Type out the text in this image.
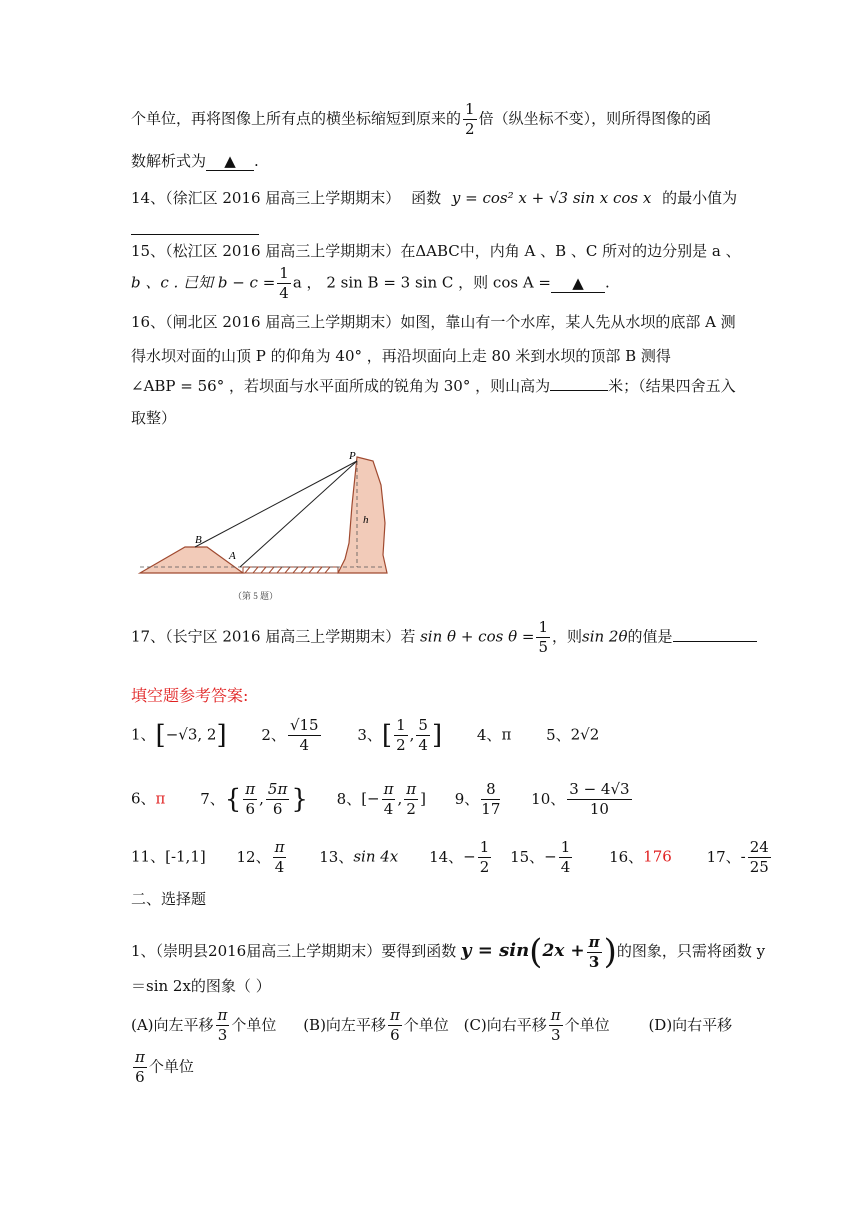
个单位，再将图像上所有点的横坐标缩短到原来的 $\frac{1}{2}$ 倍（纵坐标不变），则所得图像的函
数解析式为 ▲ .
14、（徐汇区 2016 届高三上学期期末） 函数 y = cos² x + √3 sin x cos x 的最小值为
15、（松江区 2016 届高三上学期期末）在ΔABC中，内角 A 、B 、C 所对的边分别是 a 、
b 、c . 已知 $b - c = \frac{1}{4}$ a ， 2 sin B = 3 sin C ，则 cos A = ▲ .
16、（闸北区 2016 届高三上学期期末）如图，靠山有一个水库，某人先从水坝的底部 A 测
得水坝对面的山顶 P 的仰角为 40° ，再沿坝面向上走 80 米到水坝的顶部 B 测得
∠ABP = 56° ，若坝面与水平面所成的锐角为 30° ，则山高为	米；（结果四舍五入
取整）
P
B
A
h
（第 5 题）
17、（长宁区 2016 届高三上学期期末）若 $\sin \theta + \cos \theta = \frac{1}{5}$ ，则sin 2θ的值是
填空题参考答案:
1、[−√3, 2] 2、 $\frac{√15}{4} 3$、[ $\frac{1}{2}$ , $\frac{5}{4}$ ] 4、π 5、2√2
6、π 7、{ $\frac{\pi}{6}$ , $\frac{5\pi}{6}$ } 8、[− $\frac{\pi}{4}$ , $\frac{\pi}{2}$ ] 9、 $\frac{8}{17} 10$、 $\frac{3 - 4√3}{10}$
11、[-1,1] 12、 $\frac{\pi}{4} 13$、sin 4x 14、− $\frac{1}{2} 15$、− $\frac{1}{4} 16$、176 17、- $\frac{24}{25}$
二、选择题
1、（崇明县2016届高三上学期期末）要得到函数 $y = \sin(2x + \frac{\pi}{3}$ )的图象，只需将函数 y
＝sin 2x的图象（ ）
(A)向左平移 $\frac{\pi}{3}$ 个单位 (B)向左平移 $\frac{\pi}{6}$ 个单位 (C)向右平移 $\frac{\pi}{3}$ 个单位	(D)向右平移
$\frac{\pi}{6}$ 个单位
